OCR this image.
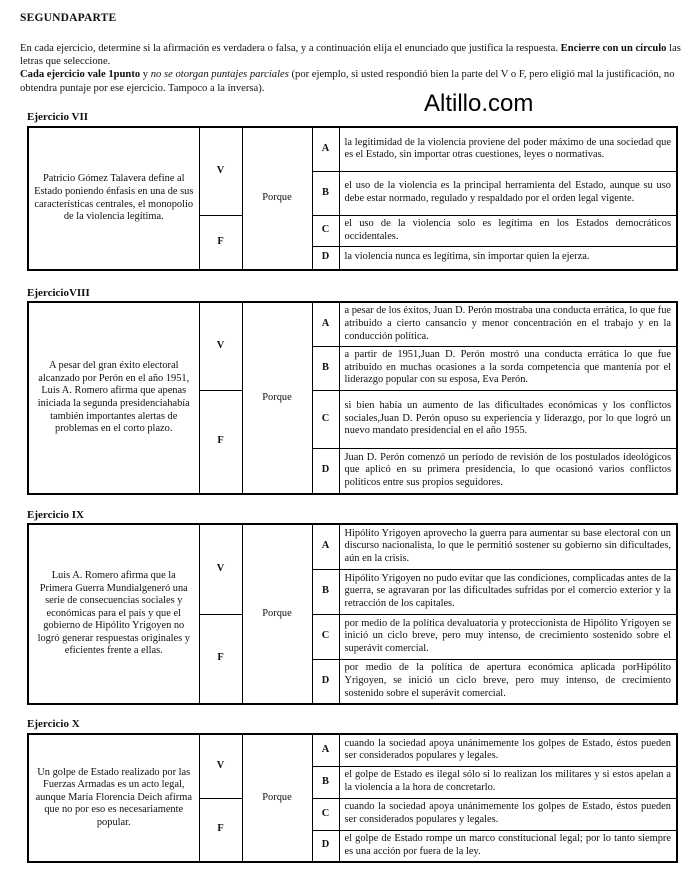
SEGUNDAPARTE

En cada ejercicio, determine si la afirmación es verdadera o falsa, y a continuación elija el enunciado que justifica la respuesta. Encierre con un círculo las letras que seleccione.

Cada ejercicio vale 1punto y no se otorgan puntajes parciales (por ejemplo, si usted respondió bien la parte del V o F, pero eligió mal la justificación, no obtendra puntaje por ese ejercicio. Tampoco a la inversa).

Altillo.com
Ejercicio VII
Patricio Gómez Talavera define al Estado poniendo énfasis en una de sus características centrales, el monopolio de la violencia legítima.	V	Porque	A	la legitimidad de la violencia proviene del poder máximo de una sociedad que es el Estado, sin importar otras cuestiones, leyes o normativas.
			B	el uso de la violencia es la principal herramienta del Estado, aunque su uso debe estar normado, regulado y respaldado por el orden legal vigente.
	F		C	el uso de la violencia solo es legítima en los Estados democráticos occidentales.
			D	la violencia nunca es legítima, sin importar quien la ejerza.
EjercicioVIII
A pesar del gran éxito electoral alcanzado por Perón en el año 1951, Luis A. Romero afirma que apenas iniciada la segunda presidenciahabía también importantes alertas de problemas en el corto plazo.	V	Porque	A	a pesar de los éxitos, Juan D. Perón mostraba una conducta errática, lo que fue atribuido a cierto cansancio y menor concentración en el trabajo y en la conducción política.
			B	a partir de 1951,Juan D. Perón mostró una conducta errática lo que fue atribuido en muchas ocasiones a la sorda competencia que mantenía por el liderazgo popular con su esposa, Eva Perón.
	F		C	si bien había un aumento de las dificultades económicas y los conflictos sociales,Juan D. Perón opuso su experiencia y liderazgo, por lo que logró un nuevo mandato presidencial en el año 1955.
			D	Juan D. Perón comenzó un período de revisión de los postulados ideológicos que aplicó en su primera presidencia, lo que ocasionó varios conflictos políticos entre sus propios seguidores.
Ejercicio IX
Luis A. Romero afirma que la Primera Guerra Mundialgeneró una serie de consecuencias sociales y económicas para el país y que el gobierno de Hipólito Yrigoyen no logró generar respuestas originales y eficientes frente a ellas.	V	Porque	A	Hipólito Yrigoyen aprovecho la guerra para aumentar su base electoral con un discurso nacionalista, lo que le permitió sostener su gobierno sin dificultades, aún en la crisis.
			B	Hipólito Yrigoyen no pudo evitar que las condiciones, complicadas antes de la guerra, se agravaran por las dificultades sufridas por el comercio exterior y la retracción de los capitales.
	F		C	por medio de la política devaluatoria y proteccionista de Hipólito Yrigoyen se inició un ciclo breve, pero muy intenso, de crecimiento sostenido sobre el superávit comercial.
			D	por medio de la política de apertura económica aplicada porHipólito Yrigoyen, se inició un ciclo breve, pero muy intenso, de crecimiento sostenido sobre el superávit comercial.
Ejercicio X
Un golpe de Estado realizado por las Fuerzas Armadas es un acto legal, aunque María Florencia Deich afirma que no por eso es necesariamente popular.	V	Porque	A	cuando la sociedad apoya unánimemente los golpes de Estado, éstos pueden ser considerados populares y legales.
			B	el golpe de Estado es ilegal sólo si lo realizan los militares y si estos apelan a la violencia a la hora de concretarlo.
	F		C	cuando la sociedad apoya unánimemente los golpes de Estado, éstos pueden ser considerados populares y legales.
			D	el golpe de Estado rompe un marco constitucional legal; por lo tanto siempre es una acción por fuera de la ley.
